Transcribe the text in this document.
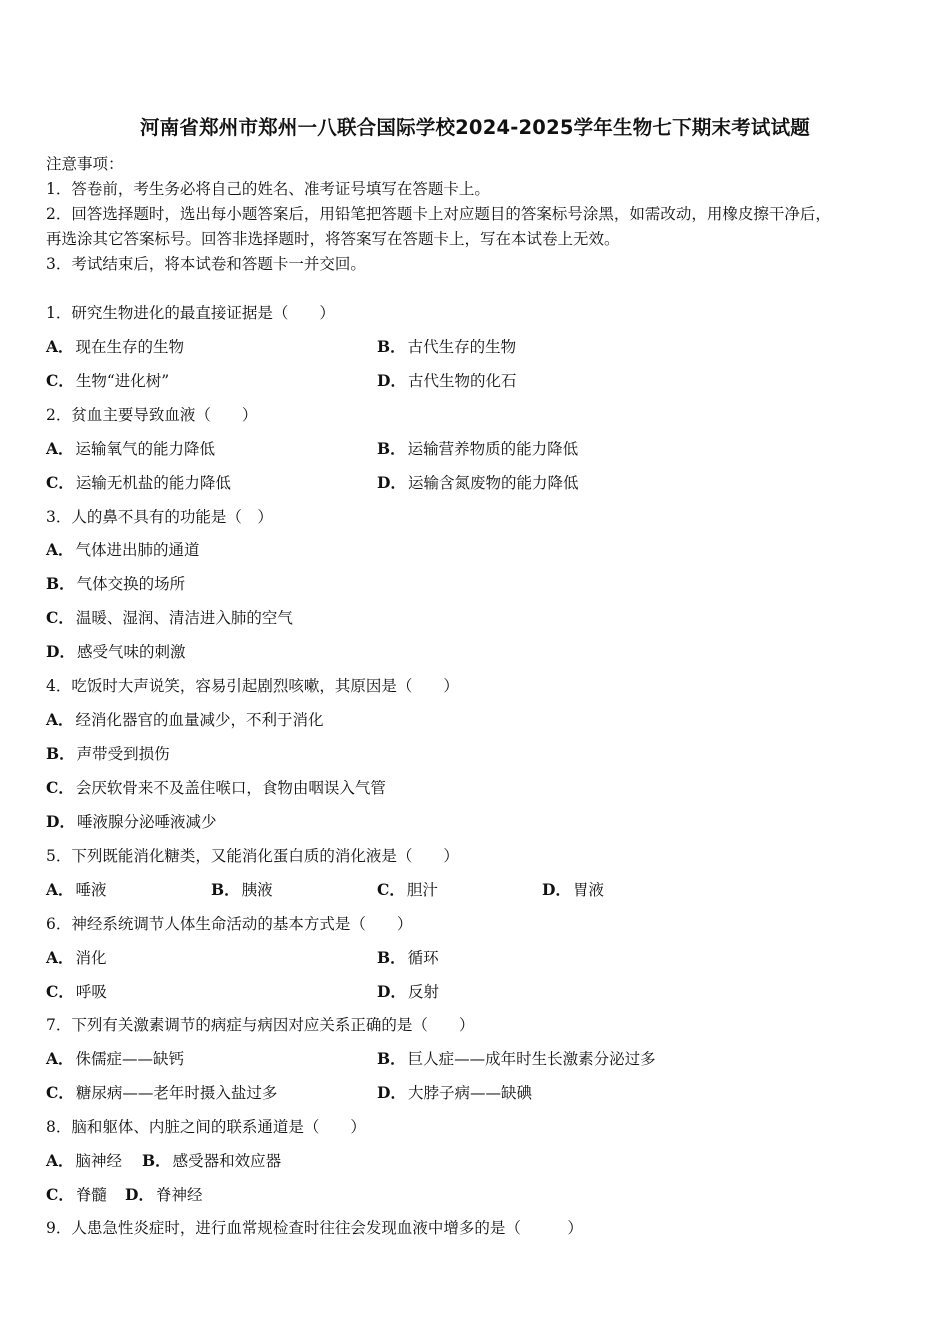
河南省郑州市郑州一八联合国际学校2024-2025学年生物七下期末考试试题
注意事项：
1．答卷前，考生务必将自己的姓名、准考证号填写在答题卡上。
2．回答选择题时，选出每小题答案后，用铅笔把答题卡上对应题目的答案标号涂黑，如需改动，用橡皮擦干净后，
再选涂其它答案标号。回答非选择题时，将答案写在答题卡上，写在本试卷上无效。
3．考试结束后，将本试卷和答题卡一并交回。
1．研究生物进化的最直接证据是（　　）
A． 现在生存的生物	B． 古代生存的生物
C． 生物“进化树”	D． 古代生物的化石
2．贫血主要导致血液（　　）
A． 运输氧气的能力降低	B． 运输营养物质的能力降低
C． 运输无机盐的能力降低	D． 运输含氮废物的能力降低
3．人的鼻不具有的功能是（　）
A． 气体进出肺的通道
B． 气体交换的场所
C． 温暖、湿润、清洁进入肺的空气
D． 感受气味的刺激
4．吃饭时大声说笑，容易引起剧烈咳嗽，其原因是（　　）
A． 经消化器官的血量减少，不利于消化
B． 声带受到损伤
C． 会厌软骨来不及盖住喉口，食物由咽误入气管
D． 唾液腺分泌唾液减少
5．下列既能消化糖类，又能消化蛋白质的消化液是（　　）
A． 唾液	B． 胰液	C． 胆汁	D． 胃液
6．神经系统调节人体生命活动的基本方式是（　　）
A． 消化	B． 循环
C． 呼吸	D． 反射
7．下列有关激素调节的病症与病因对应关系正确的是（　　）
A． 侏儒症——缺钙	B． 巨人症——成年时生长激素分泌过多
C． 糖尿病——老年时摄入盐过多	D． 大脖子病——缺碘
8．脑和躯体、内脏之间的联系通道是（　　）
A． 脑神经 B． 感受器和效应器
C． 脊髓 D． 脊神经
9．人患急性炎症时，进行血常规检查时往往会发现血液中增多的是（　　　）
